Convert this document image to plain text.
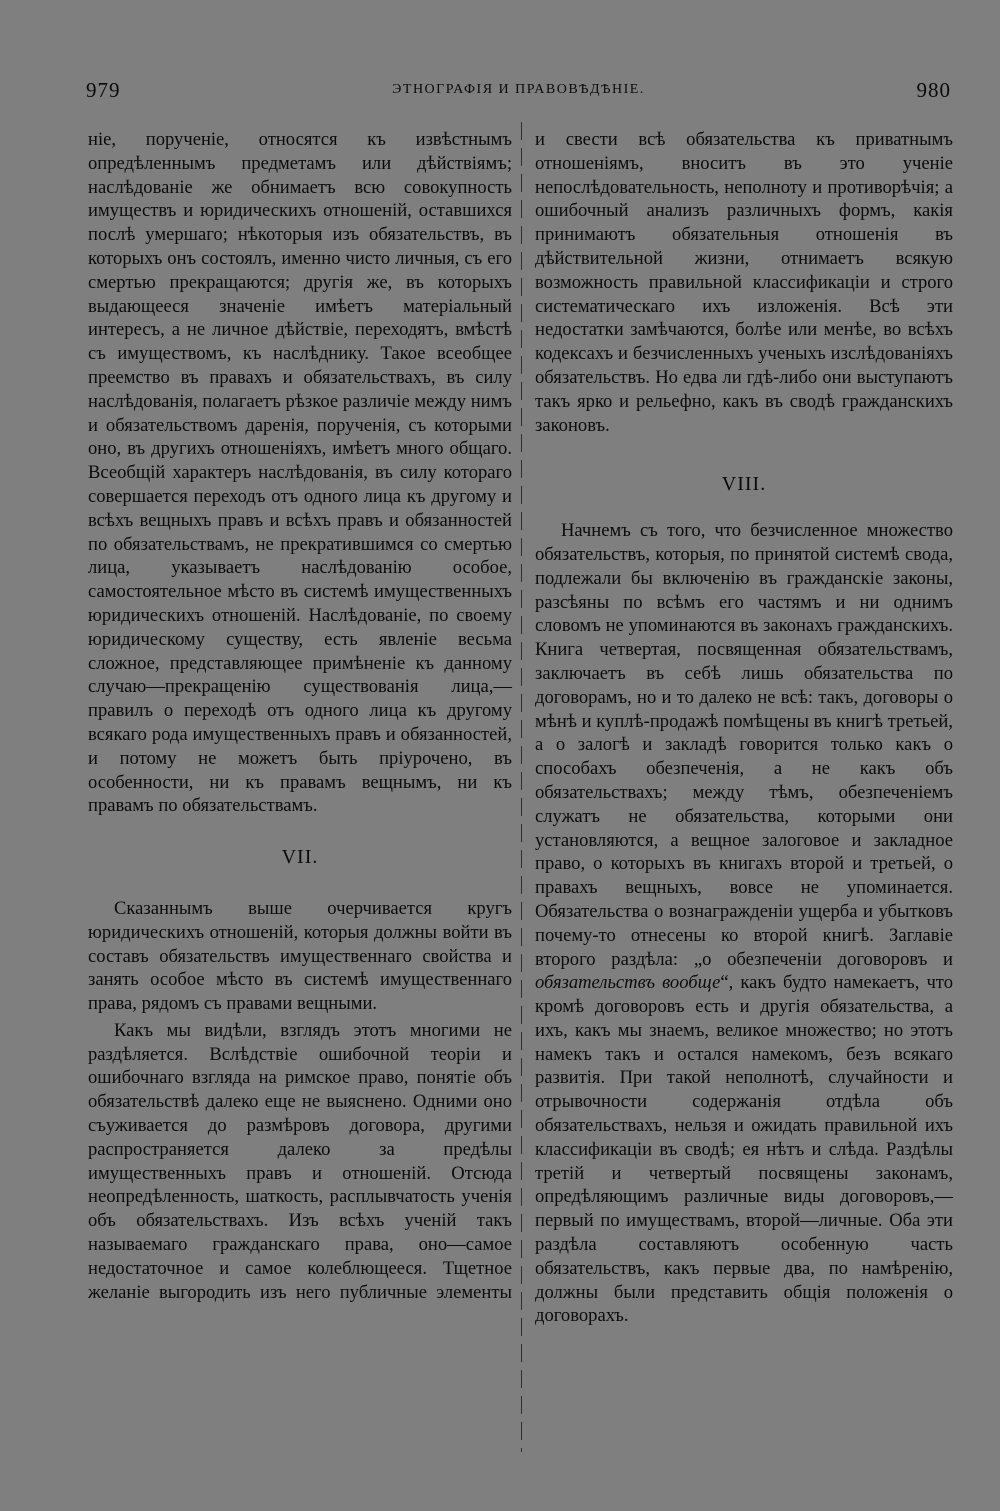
979	ЭТНОГРАФІЯ И ПРАВОВѢДѢНІЕ.	980

ніе, порученіе, относятся къ извѣстнымъ опредѣленнымъ предметамъ или дѣйствіямъ; наслѣдованіе же обнимаетъ всю совокупность имуществъ и юридическихъ отношеній, оставшихся послѣ умершаго; нѣкоторыя изъ обязательствъ, въ которыхъ онъ состоялъ, именно чисто личныя, съ его смертью прекращаются; другія же, въ которыхъ выдающееся значеніе имѣетъ матеріальный интересъ, а не личное дѣйствіе, переходятъ, вмѣстѣ съ имуществомъ, къ наслѣднику. Такое всеобщее преемство въ правахъ и обязательствахъ, въ силу наслѣдованія, полагаетъ рѣзкое различіе между нимъ и обязательствомъ даренія, порученія, съ которыми оно, въ другихъ отношеніяхъ, имѣетъ много общаго. Всеобщій характеръ наслѣдованія, въ силу котораго совершается переходъ отъ одного лица къ другому и всѣхъ вещныхъ правъ и всѣхъ правъ и обязанностей по обязательствамъ, не прекратившимся со смертью лица, указываетъ наслѣдованію особое, самостоятельное мѣсто въ системѣ имущественныхъ юридическихъ отношеній. Наслѣдованіе, по своему юридическому существу, есть явленіе весьма сложное, представляющее примѣненіе къ данному случаю—прекращенію существованія лица,—правилъ о переходѣ отъ одного лица къ другому всякаго рода имущественныхъ правъ и обязанностей, и потому не можетъ быть пріурочено, въ особенности, ни къ правамъ вещнымъ, ни къ правамъ по обязательствамъ.

VII.

Сказаннымъ выше очерчивается кругъ юридическихъ отношеній, которыя должны войти въ составъ обязательствъ имущественнаго свойства и занять особое мѣсто въ системѣ имущественнаго права, рядомъ съ правами вещными.

Какъ мы видѣли, взглядъ этотъ многими не раздѣляется. Вслѣдствіе ошибочной теоріи и ошибочнаго взгляда на римское право, понятіе объ обязательствѣ далеко еще не выяснено. Одними оно съуживается до размѣровъ договора, другими распространяется далеко за предѣлы имущественныхъ правъ и отношеній. Отсюда неопредѣленность, шаткость, расплывчатость ученія объ обязательствахъ. Изъ всѣхъ ученій такъ называемаго гражданскаго права, оно—самое недостаточное и самое колеблющееся. Тщетное желаніе выгородить изъ него публичные элементы

и свести всѣ обязательства къ приватнымъ отношеніямъ, вноситъ въ это ученіе непослѣдовательность, неполноту и противорѣчія; а ошибочный анализъ различныхъ формъ, какія принимаютъ обязательныя отношенія въ дѣйствительной жизни, отнимаетъ всякую возможность правильной классификаціи и строго систематическаго ихъ изложенія. Всѣ эти недостатки замѣчаются, болѣе или менѣе, во всѣхъ кодексахъ и безчисленныхъ ученыхъ изслѣдованіяхъ обязательствъ. Но едва ли гдѣ-либо они выступаютъ такъ ярко и рельефно, какъ въ сводѣ гражданскихъ законовъ.

VIII.

Начнемъ съ того, что безчисленное множество обязательствъ, которыя, по принятой системѣ свода, подлежали бы включенію въ гражданскіе законы, разсѣяны по всѣмъ его частямъ и ни однимъ словомъ не упоминаются въ законахъ гражданскихъ. Книга четвертая, посвященная обязательствамъ, заключаетъ въ себѣ лишь обязательства по договорамъ, но и то далеко не всѣ: такъ, договоры о мѣнѣ и куплѣ-продажѣ помѣщены въ книгѣ третьей, а о залогѣ и закладѣ говорится только какъ о способахъ обезпеченія, а не какъ объ обязательствахъ; между тѣмъ, обезпеченіемъ служатъ не обязательства, которыми они установляются, а вещное залоговое и закладное право, о которыхъ въ книгахъ второй и третьей, о правахъ вещныхъ, вовсе не упоминается. Обязательства о вознагражденіи ущерба и убытковъ почему-то отнесены ко второй книгѣ. Заглавіе второго раздѣла: „о обезпеченіи договоровъ и обязательствъ вообще“, какъ будто намекаетъ, что кромѣ договоровъ есть и другія обязательства, а ихъ, какъ мы знаемъ, великое множество; но этотъ намекъ такъ и остался намекомъ, безъ всякаго развитія. При такой неполнотѣ, случайности и отрывочности содержанія отдѣла объ обязательствахъ, нельзя и ожидать правильной ихъ классификаціи въ сводѣ; ея нѣтъ и слѣда. Раздѣлы третій и четвертый посвящены законамъ, опредѣляющимъ различные виды договоровъ,—первый по имуществамъ, второй—личные. Оба эти раздѣла составляютъ особенную часть обязательствъ, какъ первые два, по намѣренію, должны были представить общія положенія о договорахъ.
